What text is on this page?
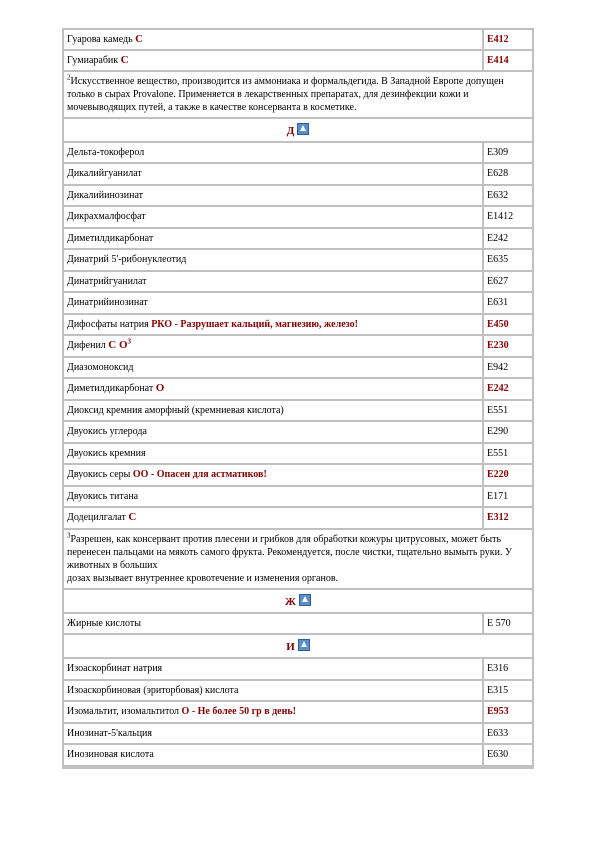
Гуарова камедь С	E412
Гумиарабик С	E414
$^2$Искусственное вещество, производится из аммониака и формальдегида. В Западной Европе допущен только в сырах Provalone. Применяется в лекарственных препаратах, для дезинфекции кожи и мочевыводящих путей, а также в качестве консерванта в косметике.
Д
Дельта-токоферол	E309
Дикалийгуанилат	E628
Дикалийинозинат	E632
Дикрахмалфосфат	E1412
Диметилдикарбонат	E242
Динатрий 5'-рибонуклеотид	E635
Динатрийгуанилат	E627
Динатрийинозинат	E631
Дифосфаты натрия РКО - Разрушает кальций, магнезию, железо!	E450
Дифенил С $О^3$	E230
Диазомоноксид	E942
Диметилдикарбонат О	E242
Диоксид кремния аморфный (кремниевая кислота)	E551
Двуокись углерода	E290
Двуокись кремния	E551
Двуокись серы ОО - Опасен для астматиков!	E220
Двуокись титана	E171
Додецилгалат С	E312
$^3$Разрешен, как консервант против плесени и грибков для обработки кожуры цитрусовых, может быть перенесен пальцами на мякоть самого фрукта. Рекомендуется, после чистки, тщательно вымыть руки. У животных в больших
дозах вызывает внутреннее кровотечение и изменения органов.
Ж
Жирные кислоты	E 570
И
Изоаскорбинат натрия	E316
Изоаскорбиновая (эриторбовая) кислота	E315
Изомальтит, изомальтитол О - Не более 50 гр в день!	E953
Инозинат-5'кальция	E633
Инозиновая кислота	E630
